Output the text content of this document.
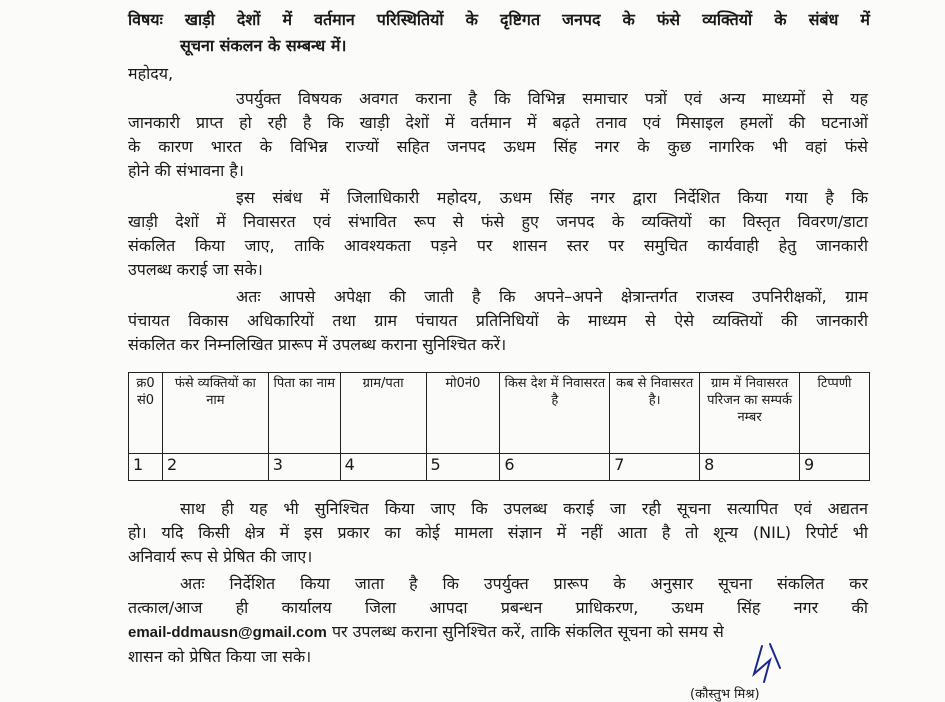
विषयः खाड़ी देशों में वर्तमान परिस्थितियों के दृष्टिगत जनपद के फंसे व्यक्तियों के संबंध में
सूचना संकलन के सम्बन्ध में।
महोदय,
उपर्युक्त विषयक अवगत कराना है कि विभिन्न समाचार पत्रों एवं अन्य माध्यमों से यह
जानकारी प्राप्त हो रही है कि खाड़ी देशों में वर्तमान में बढ़ते तनाव एवं मिसाइल हमलों की घटनाओं
के कारण भारत के विभिन्न राज्यों सहित जनपद ऊधम सिंह नगर के कुछ नागरिक भी वहां फंसे
होने की संभावना है।
इस संबंध में जिलाधिकारी महोदय, ऊधम सिंह नगर द्वारा निर्देशित किया गया है कि
खाड़ी देशों में निवासरत एवं संभावित रूप से फंसे हुए जनपद के व्यक्तियों का विस्तृत विवरण/डाटा
संकलित किया जाए, ताकि आवश्यकता पड़ने पर शासन स्तर पर समुचित कार्यवाही हेतु जानकारी
उपलब्ध कराई जा सके।
अतः आपसे अपेक्षा की जाती है कि अपने–अपने क्षेत्रान्तर्गत राजस्व उपनिरीक्षकों, ग्राम
पंचायत विकास अधिकारियों तथा ग्राम पंचायत प्रतिनिधियों के माध्यम से ऐसे व्यक्तियों की जानकारी
संकलित कर निम्नलिखित प्रारूप में उपलब्ध कराना सुनिश्चित करें।
क्र0 सं0	फंसे व्यक्तियों का नाम	पिता का नाम	ग्राम/पता	मो0नं0	किस देश में निवासरत है	कब से निवासरत है।	ग्राम में निवासरत परिजन का सम्पर्क नम्बर	टिप्पणी
1	2	3	4	5	6	7	8	9
साथ ही यह भी सुनिश्चित किया जाए कि उपलब्ध कराई जा रही सूचना सत्यापित एवं अद्यतन
हो। यदि किसी क्षेत्र में इस प्रकार का कोई मामला संज्ञान में नहीं आता है तो शून्य (NIL) रिपोर्ट भी
अनिवार्य रूप से प्रेषित की जाए।
अतः निर्देशित किया जाता है कि उपर्युक्त प्रारूप के अनुसार सूचना संकलित कर
तत्काल/आज ही कार्यालय जिला आपदा प्रबन्धन प्राधिकरण, ऊधम सिंह नगर की
email-ddmausn@gmail.com पर उपलब्ध कराना सुनिश्चित करें, ताकि संकलित सूचना को समय से
शासन को प्रेषित किया जा सके।
(कौस्तुभ मिश्र)
